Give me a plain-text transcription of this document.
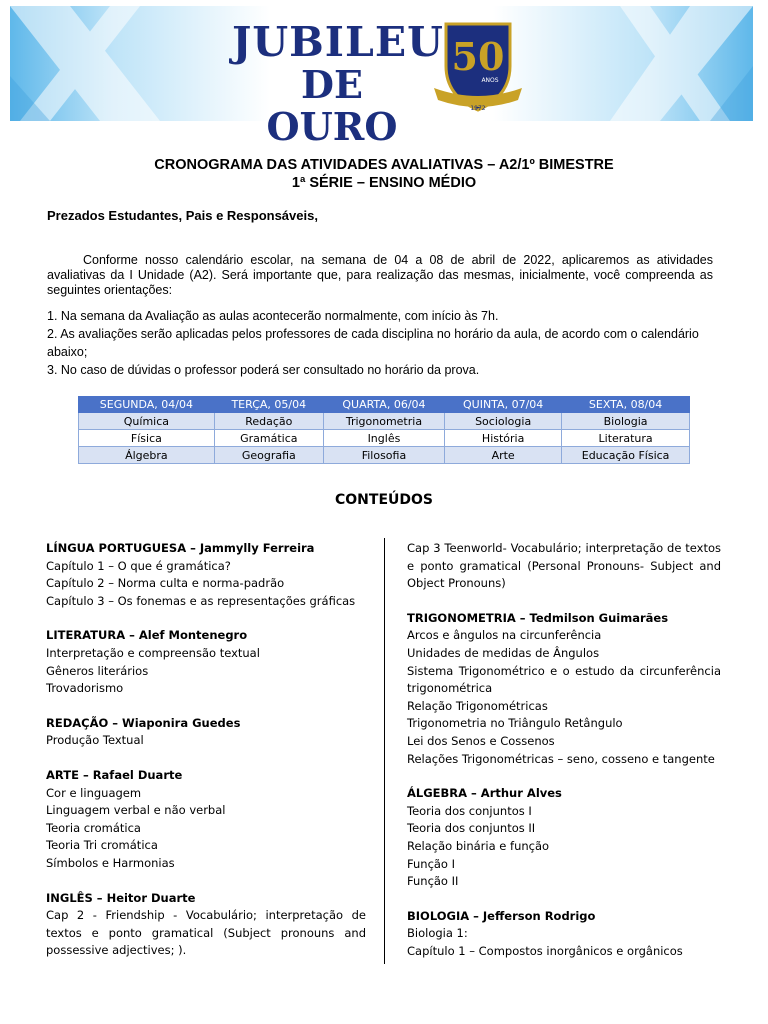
JUBILEU
DE OURO
50
ANOS
1972
CRONOGRAMA DAS ATIVIDADES AVALIATIVAS – A2/1º BIMESTRE
1ª SÉRIE – ENSINO MÉDIO
Prezados Estudantes, Pais e Responsáveis,

Conforme nosso calendário escolar, na semana de 04 a 08 de abril de 2022, aplicaremos as atividades avaliativas da I Unidade (A2). Será importante que, para realização das mesmas, inicialmente, você compreenda as seguintes orientações:

1. Na semana da Avaliação as aulas acontecerão normalmente, com início às 7h.
2. As avaliações serão aplicadas pelos professores de cada disciplina no horário da aula, de acordo com o calendário abaixo;
3. No caso de dúvidas o professor poderá ser consultado no horário da prova.
SEGUNDA, 04/04	TERÇA, 05/04	QUARTA, 06/04	QUINTA, 07/04	SEXTA, 08/04
Química	Redação	Trigonometria	Sociologia	Biologia
Física	Gramática	Inglês	História	Literatura
Álgebra	Geografia	Filosofia	Arte	Educação Física
CONTEÚDOS
LÍNGUA PORTUGUESA – Jammylly Ferreira
Capítulo 1 – O que é gramática?
Capítulo 2 – Norma culta e norma-padrão
Capítulo 3 – Os fonemas e as representações gráficas
LITERATURA – Alef Montenegro
Interpretação e compreensão textual
Gêneros literários
Trovadorismo
REDAÇÃO – Wiaponira Guedes
Produção Textual
ARTE – Rafael Duarte
Cor e linguagem
Linguagem verbal e não verbal
Teoria cromática
Teoria Tri cromática
Símbolos e Harmonias
INGLÊS – Heitor Duarte
Cap 2 - Friendship - Vocabulário; interpretação de textos e ponto gramatical (Subject pronouns and possessive adjectives; ).
Cap 3 Teenworld- Vocabulário; interpretação de textos e ponto gramatical (Personal Pronouns- Subject and Object Pronouns)
TRIGONOMETRIA – Tedmilson Guimarães
Arcos e ângulos na circunferência
Unidades de medidas de Ângulos
Sistema Trigonométrico e o estudo da circunferência trigonométrica
Relação Trigonométricas
Trigonometria no Triângulo Retângulo
Lei dos Senos e Cossenos
Relações Trigonométricas – seno, cosseno e tangente
ÁLGEBRA – Arthur Alves
Teoria dos conjuntos I
Teoria dos conjuntos II
Relação binária e função
Função I
Função II
BIOLOGIA – Jefferson Rodrigo
Biologia 1:
Capítulo 1 – Compostos inorgânicos e orgânicos
